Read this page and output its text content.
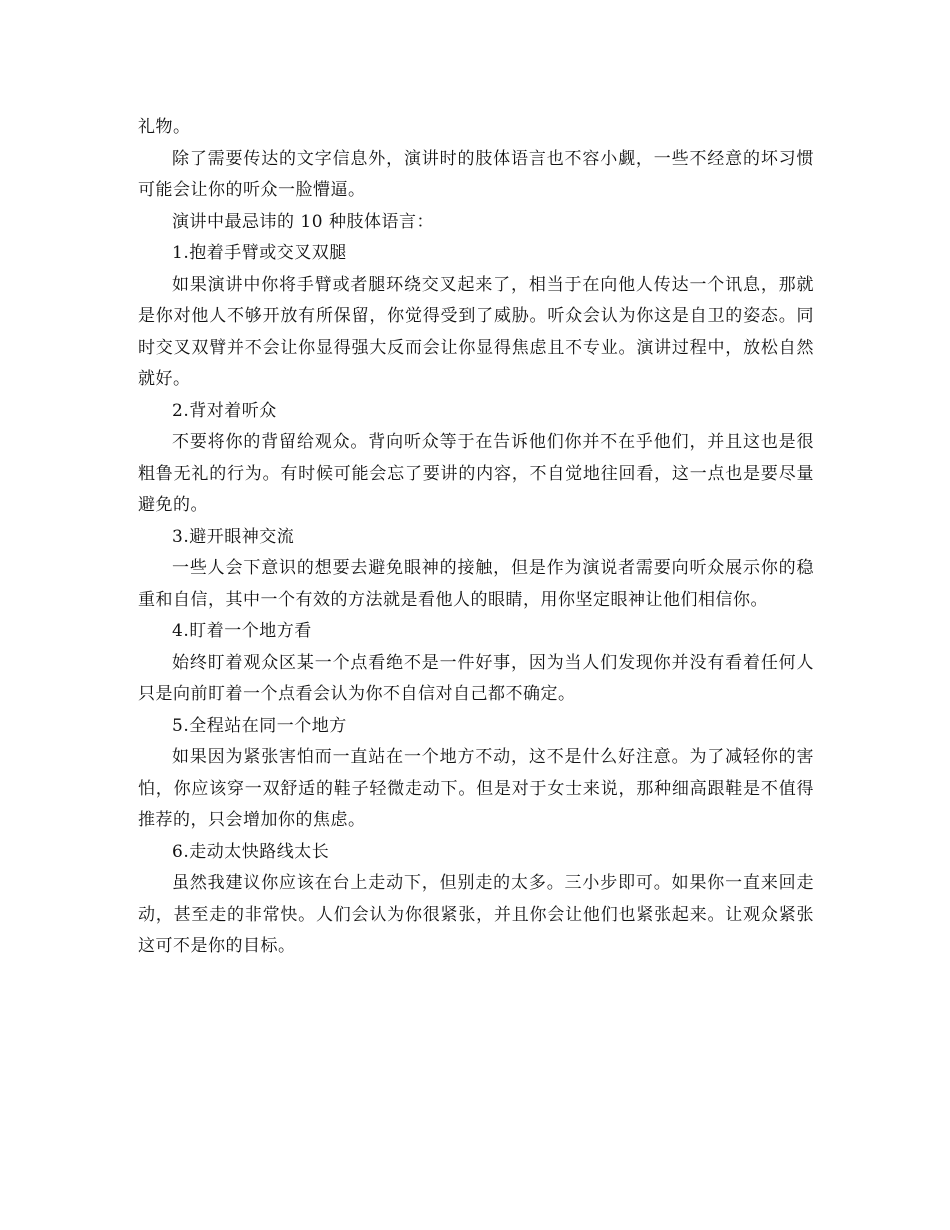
礼物。

除了需要传达的文字信息外，演讲时的肢体语言也不容小觑，一些不经意的坏习惯可能会让你的听众一脸懵逼。

演讲中最忌讳的 10 种肢体语言：

1.抱着手臂或交叉双腿

如果演讲中你将手臂或者腿环绕交叉起来了，相当于在向他人传达一个讯息，那就是你对他人不够开放有所保留，你觉得受到了威胁。听众会认为你这是自卫的姿态。同时交叉双臂并不会让你显得强大反而会让你显得焦虑且不专业。演讲过程中，放松自然就好。

2.背对着听众

不要将你的背留给观众。背向听众等于在告诉他们你并不在乎他们，并且这也是很粗鲁无礼的行为。有时候可能会忘了要讲的内容，不自觉地往回看，这一点也是要尽量避免的。

3.避开眼神交流

一些人会下意识的想要去避免眼神的接触，但是作为演说者需要向听众展示你的稳重和自信，其中一个有效的方法就是看他人的眼睛，用你坚定眼神让他们相信你。

4.盯着一个地方看

始终盯着观众区某一个点看绝不是一件好事，因为当人们发现你并没有看着任何人只是向前盯着一个点看会认为你不自信对自己都不确定。

5.全程站在同一个地方

如果因为紧张害怕而一直站在一个地方不动，这不是什么好注意。为了减轻你的害怕，你应该穿一双舒适的鞋子轻微走动下。但是对于女士来说，那种细高跟鞋是不值得推荐的，只会增加你的焦虑。

6.走动太快路线太长

虽然我建议你应该在台上走动下，但别走的太多。三小步即可。如果你一直来回走动，甚至走的非常快。人们会认为你很紧张，并且你会让他们也紧张起来。让观众紧张这可不是你的目标。
